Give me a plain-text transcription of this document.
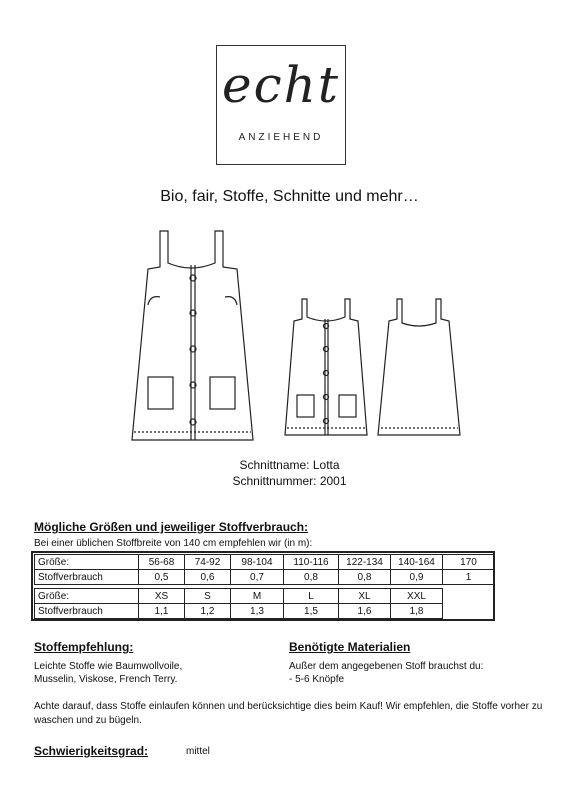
echt
ANZIEHEND
Bio, fair, Stoffe, Schnitte und mehr…
Schnittname: Lotta
Schnittnummer: 2001
Mögliche Größen und jeweiliger Stoffverbrauch:
Bei einer üblichen Stoffbreite von 140 cm empfehlen wir (in m):
Größe:	56-68	74-92	98-104	110-116	122-134	140-164	170
Stoffverbrauch	0,5	0,6	0,7	0,8	0,8	0,9	1
Größe:	XS	S	M	L	XL	XXL
Stoffverbrauch	1,1	1,2	1,3	1,5	1,6	1,8
Stoffempfehlung:
Leichte Stoffe wie Baumwollvoile,
Musselin, Viskose, French Terry.
Benötigte Materialien
Außer dem angegebenen Stoff brauchst du:
- 5-6 Knöpfe
Achte darauf, dass Stoffe einlaufen können und berücksichtige dies beim Kauf! Wir empfehlen, die Stoffe vorher zu waschen und zu bügeln.
Schwierigkeitsgrad:	mittel
